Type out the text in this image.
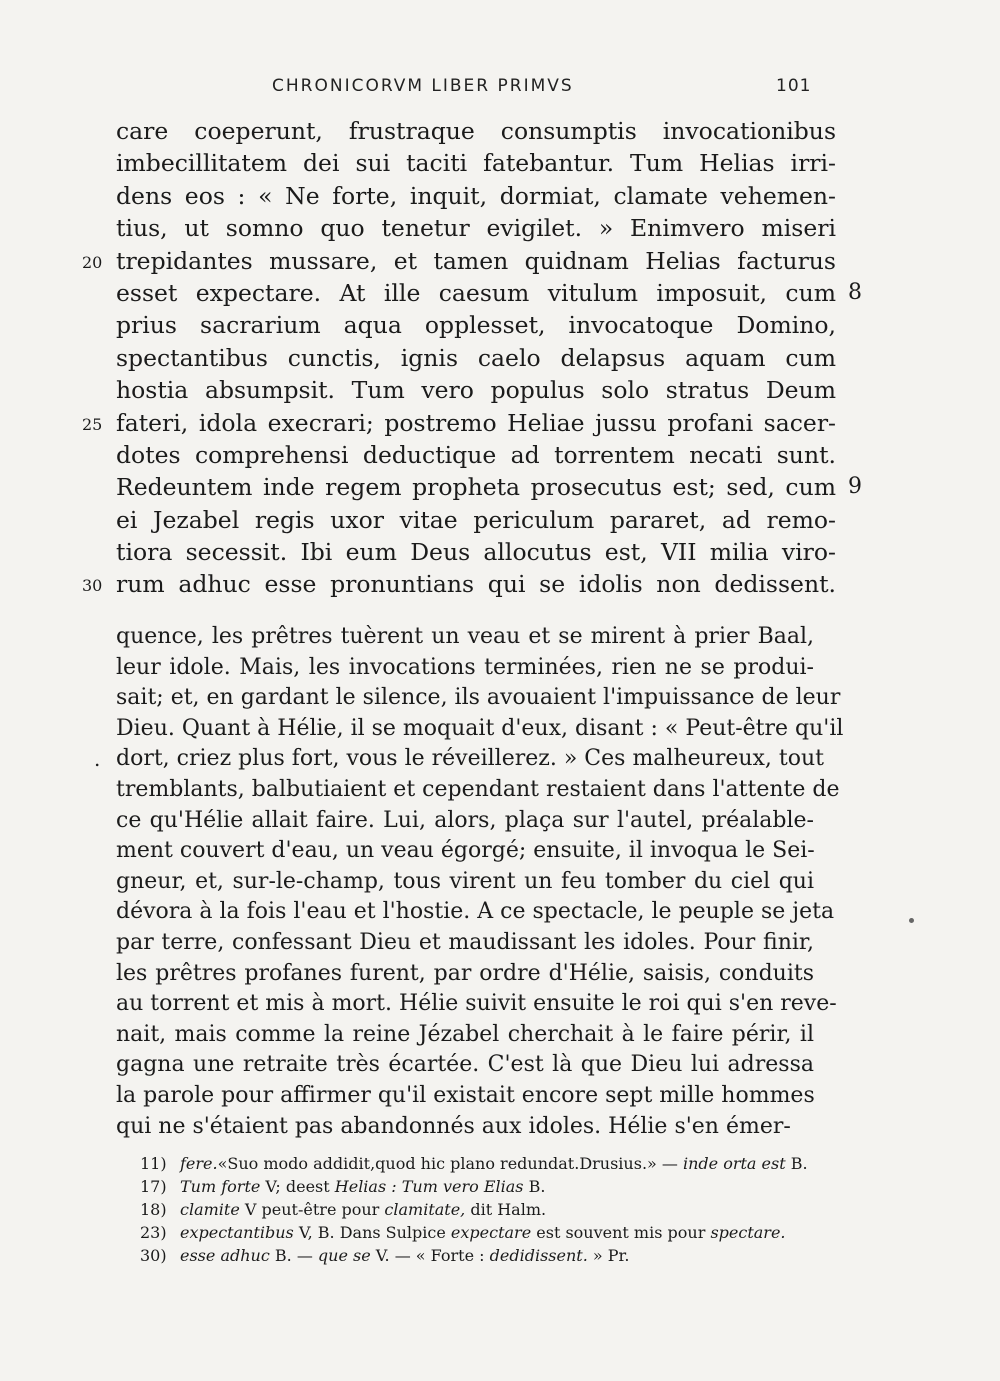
CHRONICORVM LIBER PRIMVS	101
care coeperunt, frustraque consumptis invocationibus
imbecillitatem dei sui taciti fatebantur. Tum Helias irri-
dens eos : « Ne forte, inquit, dormiat, clamate vehemen-
tius, ut somno quo tenetur evigilet. » Enimvero miseri
trepidantes mussare, et tamen quidnam Helias facturus
20
esset expectare. At ille caesum vitulum imposuit, cum 8
prius sacrarium aqua opplesset, invocatoque Domino,
spectantibus cunctis, ignis caelo delapsus aquam cum
hostia absumpsit. Tum vero populus solo stratus Deum
fateri, idola execrari; postremo Heliae jussu profani sacer-
25
dotes comprehensi deductique ad torrentem necati sunt.
Redeuntem inde regem propheta prosecutus est; sed, cum 9
ei Jezabel regis uxor vitae periculum pararet, ad remo-
tiora secessit. Ibi eum Deus allocutus est, VII milia viro-
rum adhuc esse pronuntians qui se idolis non dedissent.
30
quence, les prêtres tuèrent un veau et se mirent à prier Baal,
leur idole. Mais, les invocations terminées, rien ne se produi-
sait; et, en gardant le silence, ils avouaient l'impuissance de leur
Dieu. Quant à Hélie, il se moquait d'eux, disant : « Peut-être qu'il
dort, criez plus fort, vous le réveillerez. » Ces malheureux, tout
.
tremblants, balbutiaient et cependant restaient dans l'attente de
ce qu'Hélie allait faire. Lui, alors, plaça sur l'autel, préalable-
ment couvert d'eau, un veau égorgé; ensuite, il invoqua le Sei-
gneur, et, sur-le-champ, tous virent un feu tomber du ciel qui
dévora à la fois l'eau et l'hostie. A ce spectacle, le peuple se jeta
par terre, confessant Dieu et maudissant les idoles. Pour finir,
les prêtres profanes furent, par ordre d'Hélie, saisis, conduits
au torrent et mis à mort. Hélie suivit ensuite le roi qui s'en reve-
nait, mais comme la reine Jézabel cherchait à le faire périr, il
gagna une retraite très écartée. C'est là que Dieu lui adressa
la parole pour affirmer qu'il existait encore sept mille hommes
qui ne s'étaient pas abandonnés aux idoles. Hélie s'en émer-
11) fere.«Suo modo addidit,quod hic plano redundat.Drusius.» — inde orta est B.
17) Tum forte V; deest Helias : Tum vero Elias B.
18) clamite V peut-être pour clamitate, dit Halm.
23) expectantibus V, B. Dans Sulpice expectare est souvent mis pour spectare.
30) esse adhuc B. — que se V. — « Forte : dedidissent. » Pr.
